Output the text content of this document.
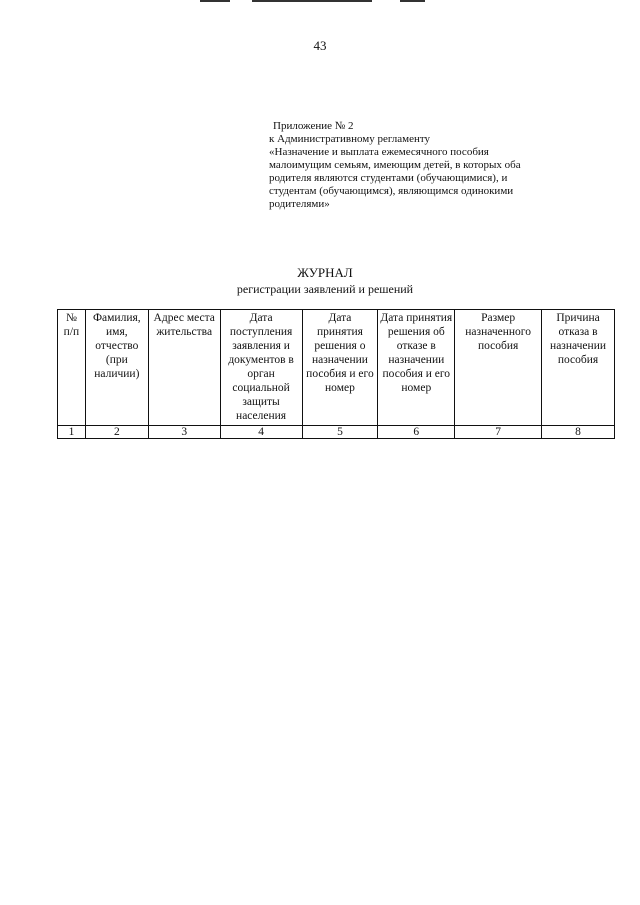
43
Приложение № 2
к Административному регламенту
«Назначение и выплата ежемесячного пособия
малоимущим семьям, имеющим детей, в которых оба
родителя являются студентами (обучающимися), и
студентам (обучающимся), являющимся одинокими
родителями»
ЖУРНАЛ
регистрации заявлений и решений
№ п/п	Фамилия, имя, отчество (при наличии)	Адрес места жительства	Дата поступления заявления и документов в орган социальной защиты населения	Дата принятия решения о назначении пособия и его номер	Дата принятия решения об отказе в назначении пособия и его номер	Размер назначенного пособия	Причина отказа в назначении пособия
1	2	3	4	5	6	7	8
